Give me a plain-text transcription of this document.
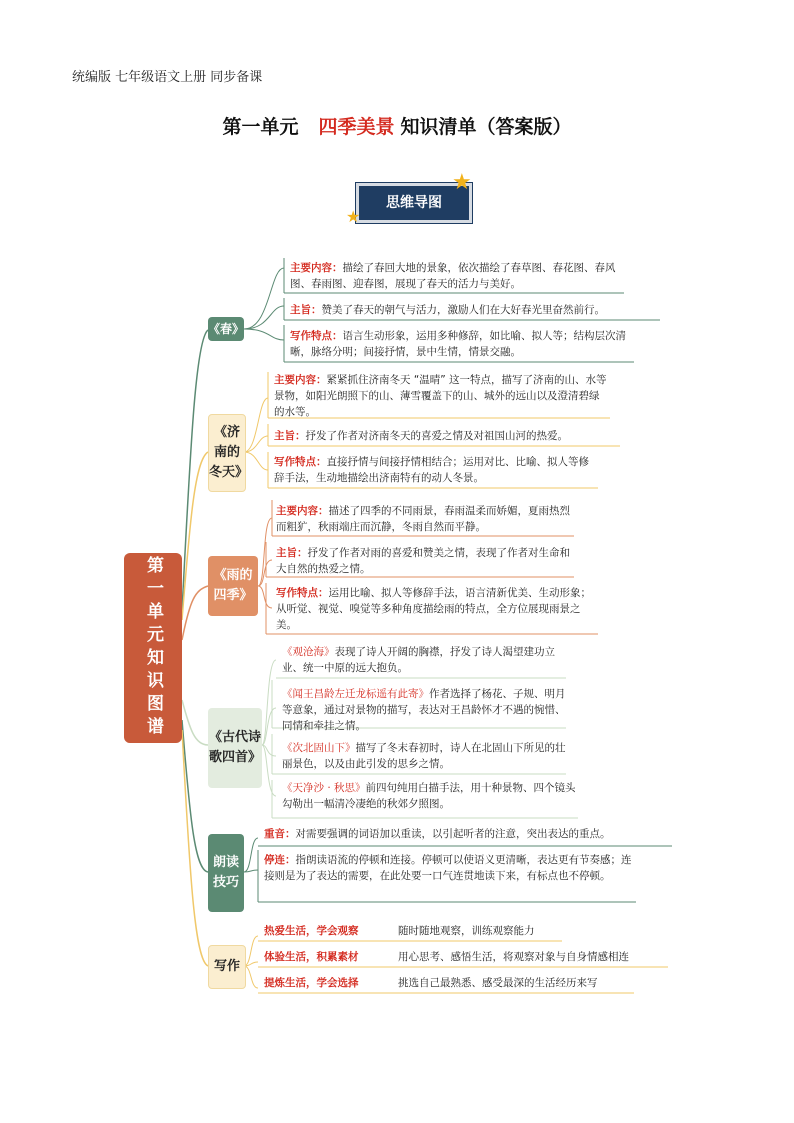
统编版 七年级语文上册 同步备课
第一单元 四季美景 知识清单（答案版）
思维导图
★
★
第一单元知识图谱
《春》
主要内容：描绘了春回大地的景象，依次描绘了春草图、春花图、春风图、春雨图、迎春图，展现了春天的活力与美好。
主旨：赞美了春天的朝气与活力，激励人们在大好春光里奋然前行。
写作特点：语言生动形象，运用多种修辞，如比喻、拟人等；结构层次清晰，脉络分明；间接抒情，景中生情，情景交融。
《济南的冬天》
主要内容：紧紧抓住济南冬天 “温晴” 这一特点，描写了济南的山、水等景物，如阳光朗照下的山、薄雪覆盖下的山、城外的远山以及澄清碧绿的水等。
主旨：抒发了作者对济南冬天的喜爱之情及对祖国山河的热爱。
写作特点：直接抒情与间接抒情相结合；运用对比、比喻、拟人等修辞手法，生动地描绘出济南特有的动人冬景。
《雨的四季》
主要内容：描述了四季的不同雨景，春雨温柔而娇媚，夏雨热烈而粗犷，秋雨端庄而沉静，冬雨自然而平静。
主旨：抒发了作者对雨的喜爱和赞美之情，表现了作者对生命和大自然的热爱之情。
写作特点：运用比喻、拟人等修辞手法，语言清新优美、生动形象；从听觉、视觉、嗅觉等多种角度描绘雨的特点，全方位展现雨景之美。
《古代诗歌四首》
《观沧海》表现了诗人开阔的胸襟，抒发了诗人渴望建功立业、统一中原的远大抱负。
《闻王昌龄左迁龙标遥有此寄》作者选择了杨花、子规、明月等意象，通过对景物的描写，表达对王昌龄怀才不遇的惋惜、同情和牵挂之情。
《次北固山下》描写了冬末春初时，诗人在北固山下所见的壮丽景色，以及由此引发的思乡之情。
《天净沙 · 秋思》前四句纯用白描手法，用十种景物、四个镜头勾勒出一幅清冷凄绝的秋郊夕照图。
朗读技巧
重音：对需要强调的词语加以重读，以引起听者的注意，突出表达的重点。
停连：指朗读语流的停顿和连接。停顿可以使语义更清晰，表达更有节奏感；连接则是为了表达的需要，在此处要一口气连贯地读下来，有标点也不停顿。
写作
热爱生活，学会观察	随时随地观察，训练观察能力
体验生活，积累素材	用心思考、感悟生活，将观察对象与自身情感相连
提炼生活，学会选择	挑选自己最熟悉、感受最深的生活经历来写
